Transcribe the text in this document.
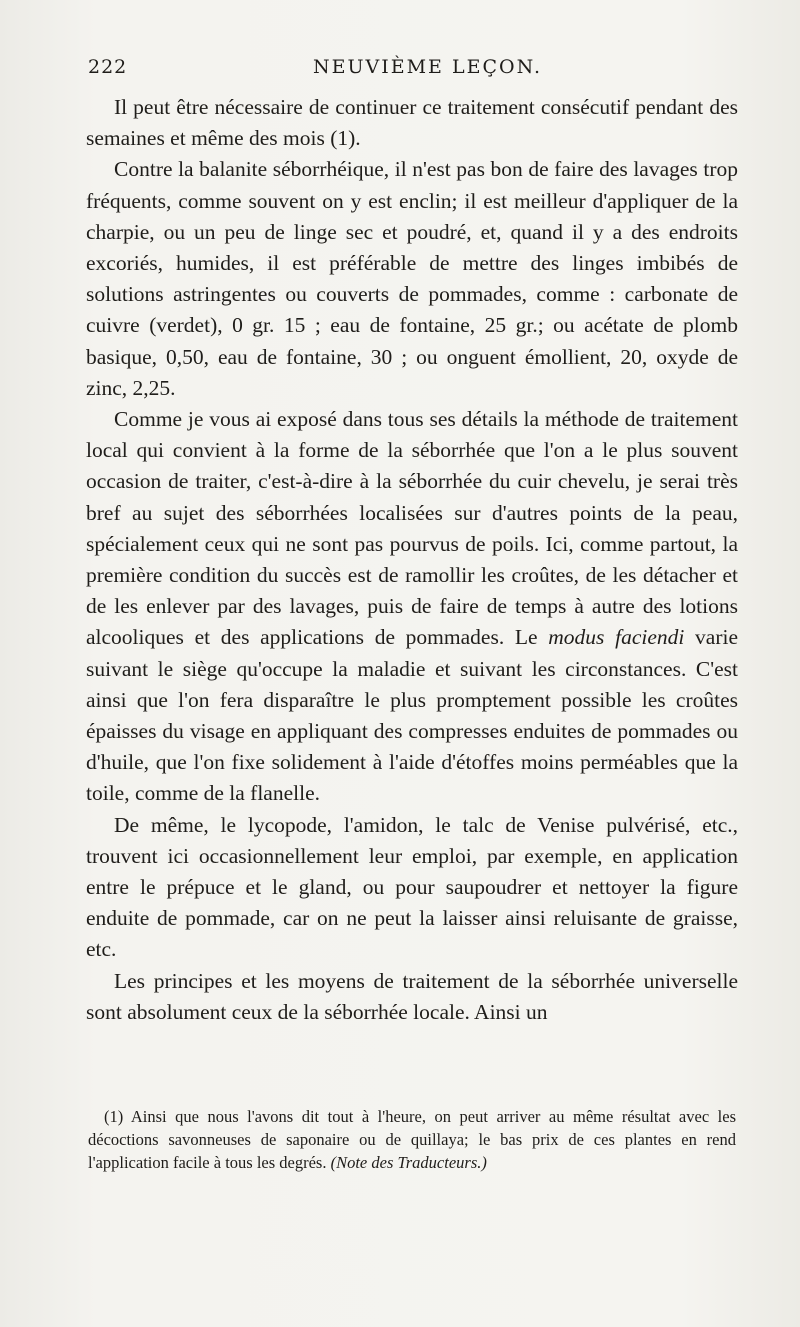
222	NEUVIÈME LEÇON.

Il peut être nécessaire de continuer ce traitement consécutif pendant des semaines et même des mois (1).

Contre la balanite séborrhéique, il n'est pas bon de faire des lavages trop fréquents, comme souvent on y est enclin; il est meilleur d'appliquer de la charpie, ou un peu de linge sec et poudré, et, quand il y a des endroits excoriés, humides, il est préférable de mettre des linges imbibés de solutions astringentes ou couverts de pommades, comme : carbonate de cuivre (verdet), 0 gr. 15 ; eau de fontaine, 25 gr.; ou acétate de plomb basique, 0,50, eau de fontaine, 30 ; ou onguent émollient, 20, oxyde de zinc, 2,25.

Comme je vous ai exposé dans tous ses détails la méthode de traitement local qui convient à la forme de la séborrhée que l'on a le plus souvent occasion de traiter, c'est-à-dire à la séborrhée du cuir chevelu, je serai très bref au sujet des séborrhées localisées sur d'autres points de la peau, spécialement ceux qui ne sont pas pourvus de poils. Ici, comme partout, la première condition du succès est de ramollir les croûtes, de les détacher et de les enlever par des lavages, puis de faire de temps à autre des lotions alcooliques et des applications de pommades. Le modus faciendi varie suivant le siège qu'occupe la maladie et suivant les circonstances. C'est ainsi que l'on fera disparaître le plus promptement possible les croûtes épaisses du visage en appliquant des compresses enduites de pommades ou d'huile, que l'on fixe solidement à l'aide d'étoffes moins perméables que la toile, comme de la flanelle.

De même, le lycopode, l'amidon, le talc de Venise pulvérisé, etc., trouvent ici occasionnellement leur emploi, par exemple, en application entre le prépuce et le gland, ou pour saupoudrer et nettoyer la figure enduite de pommade, car on ne peut la laisser ainsi reluisante de graisse, etc.

Les principes et les moyens de traitement de la séborrhée universelle sont absolument ceux de la séborrhée locale. Ainsi un

(1) Ainsi que nous l'avons dit tout à l'heure, on peut arriver au même résultat avec les décoctions savonneuses de saponaire ou de quillaya; le bas prix de ces plantes en rend l'application facile à tous les degrés. (Note des Traducteurs.)
